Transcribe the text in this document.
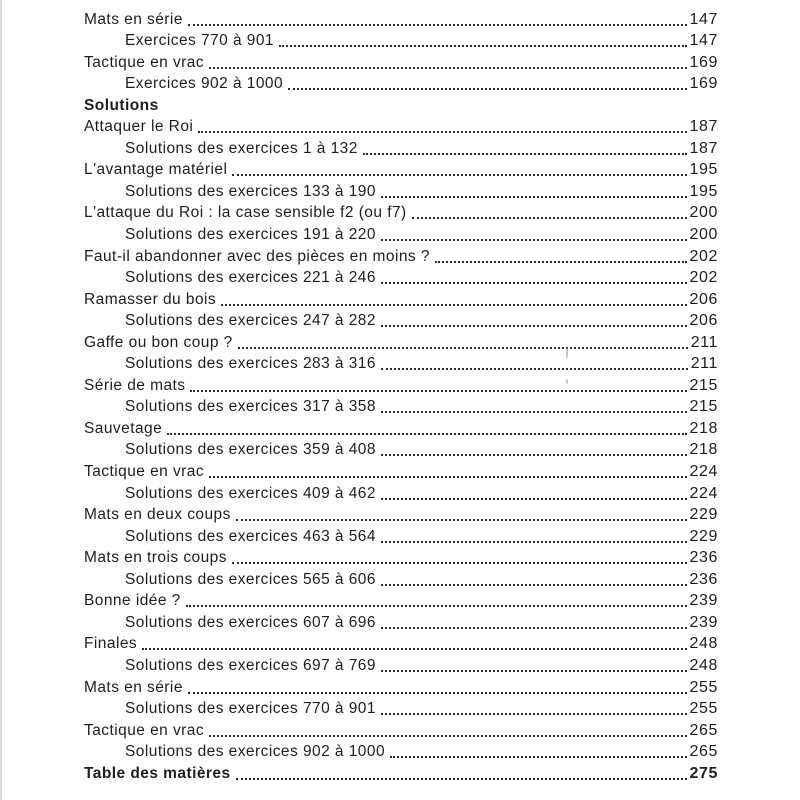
Mats en série	147
Exercices 770 à 901	147
Tactique en vrac	169
Exercices 902 à 1000	169
Solutions
Attaquer le Roi	187
Solutions des exercices 1 à 132	187
L'avantage matériel	195
Solutions des exercices 133 à 190	195
L'attaque du Roi : la case sensible f2 (ou f7)	200
Solutions des exercices 191 à 220	200
Faut-il abandonner avec des pièces en moins ?	202
Solutions des exercices 221 à 246	202
Ramasser du bois	206
Solutions des exercices 247 à 282	206
Gaffe ou bon coup ?	211
Solutions des exercices 283 à 316	211
Série de mats	215
Solutions des exercices 317 à 358	215
Sauvetage	218
Solutions des exercices 359 à 408	218
Tactique en vrac	224
Solutions des exercices 409 à 462	224
Mats en deux coups	229
Solutions des exercices 463 à 564	229
Mats en trois coups	236
Solutions des exercices 565 à 606	236
Bonne idée ?	239
Solutions des exercices 607 à 696	239
Finales	248
Solutions des exercices 697 à 769	248
Mats en série	255
Solutions des exercices 770 à 901	255
Tactique en vrac	265
Solutions des exercices 902 à 1000	265
Table des matières	275
